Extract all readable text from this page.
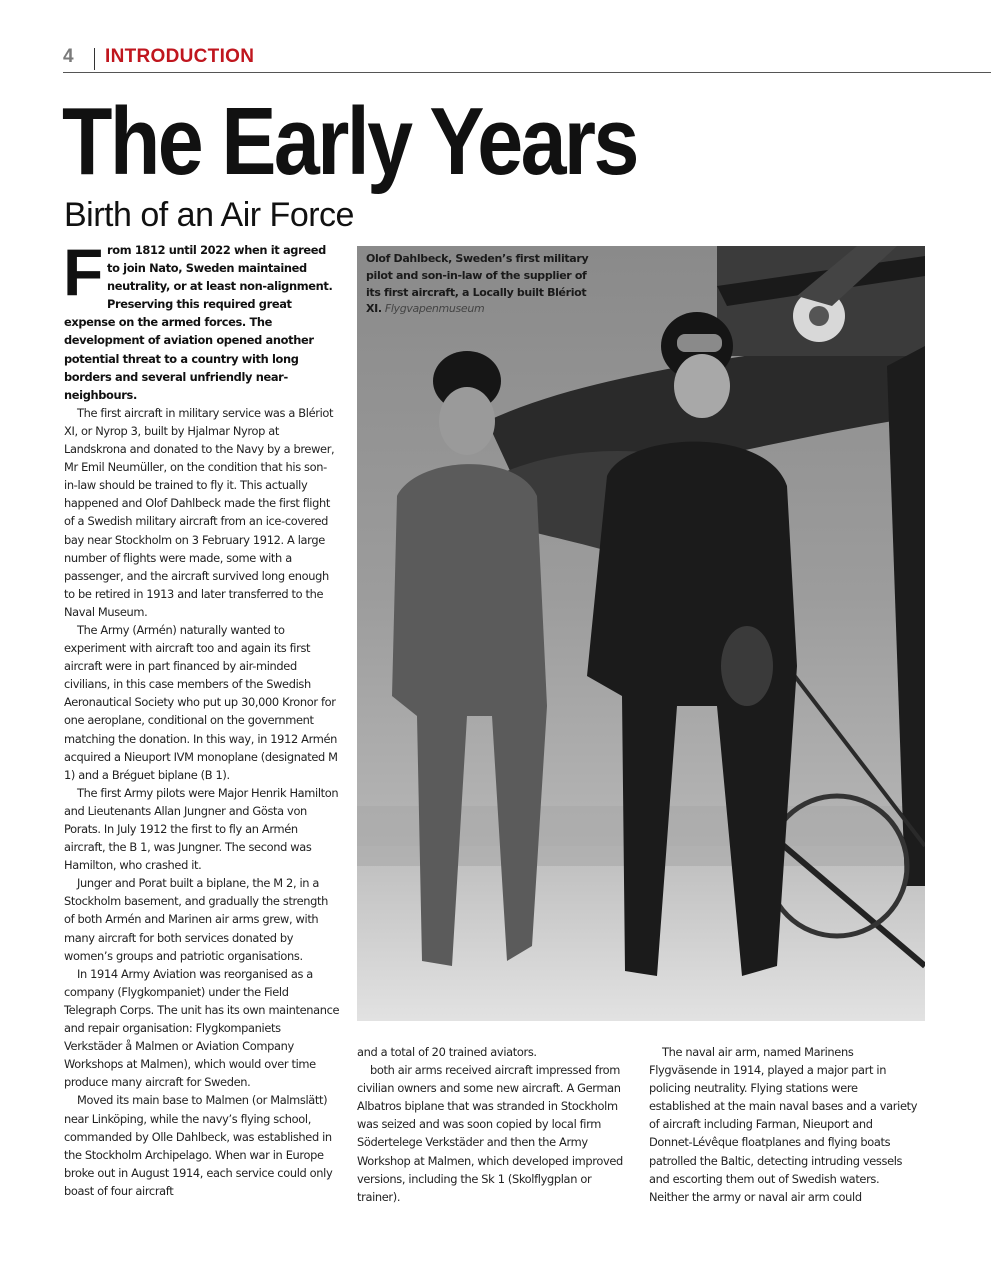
4 INTRODUCTION
The Early Years
Birth of an Air Force

From 1812 until 2022 when it agreed to join Nato, Sweden maintained neutrality, or at least non-alignment. Preserving this required great expense on the armed forces. The development of aviation opened another potential threat to a country with long borders and several unfriendly near-neighbours.

The first aircraft in military service was a Blériot XI, or Nyrop 3, built by Hjalmar Nyrop at Landskrona and donated to the Navy by a brewer, Mr Emil Neumüller, on the condition that his son-in-law should be trained to fly it. This actually happened and Olof Dahlbeck made the first flight of a Swedish military aircraft from an ice-covered bay near Stockholm on 3 February 1912. A large number of flights were made, some with a passenger, and the aircraft survived long enough to be retired in 1913 and later transferred to the Naval Museum.

The Army (Armén) naturally wanted to experiment with aircraft too and again its first aircraft were in part financed by air-minded civilians, in this case members of the Swedish Aeronautical Society who put up 30,000 Kronor for one aeroplane, conditional on the government matching the donation. In this way, in 1912 Armén acquired a Nieuport IVM monoplane (designated M 1) and a Bréguet biplane (B 1).

The first Army pilots were Major Henrik Hamilton and Lieutenants Allan Jungner and Gösta von Porats. In July 1912 the first to fly an Armén aircraft, the B 1, was Jungner. The second was Hamilton, who crashed it.

Junger and Porat built a biplane, the M 2, in a Stockholm basement, and gradually the strength of both Armén and Marinen air arms grew, with many aircraft for both services donated by women’s groups and patriotic organisations.

In 1914 Army Aviation was reorganised as a company (Flygkompaniet) under the Field Telegraph Corps. The unit has its own maintenance and repair organisation: Flygkompaniets Verkstäder å Malmen or Aviation Company Workshops at Malmen), which would over time produce many aircraft for Sweden.

Moved its main base to Malmen (or Malmslätt) near Linköping, while the navy’s flying school, commanded by Olle Dahlbeck, was established in the Stockholm Archipelago. When war in Europe broke out in August 1914, each service could only boast of four aircraft

Olof Dahlbeck, Sweden’s first military pilot and son-in-law of the supplier of its first aircraft, a Locally built Blériot XI. Flygvapenmuseum

and a total of 20 trained aviators.

both air arms received aircraft impressed from civilian owners and some new aircraft. A German Albatros biplane that was stranded in Stockholm was seized and was soon copied by local firm Södertelege Verkstäder and then the Army Workshop at Malmen, which developed improved versions, including the Sk 1 (Skolflygplan or trainer).

The naval air arm, named Marinens Flygväsende in 1914, played a major part in policing neutrality. Flying stations were established at the main naval bases and a variety of aircraft including Farman, Nieuport and Donnet-Lévêque floatplanes and flying boats patrolled the Baltic, detecting intruding vessels and escorting them out of Swedish waters. Neither the army or naval air arm could
